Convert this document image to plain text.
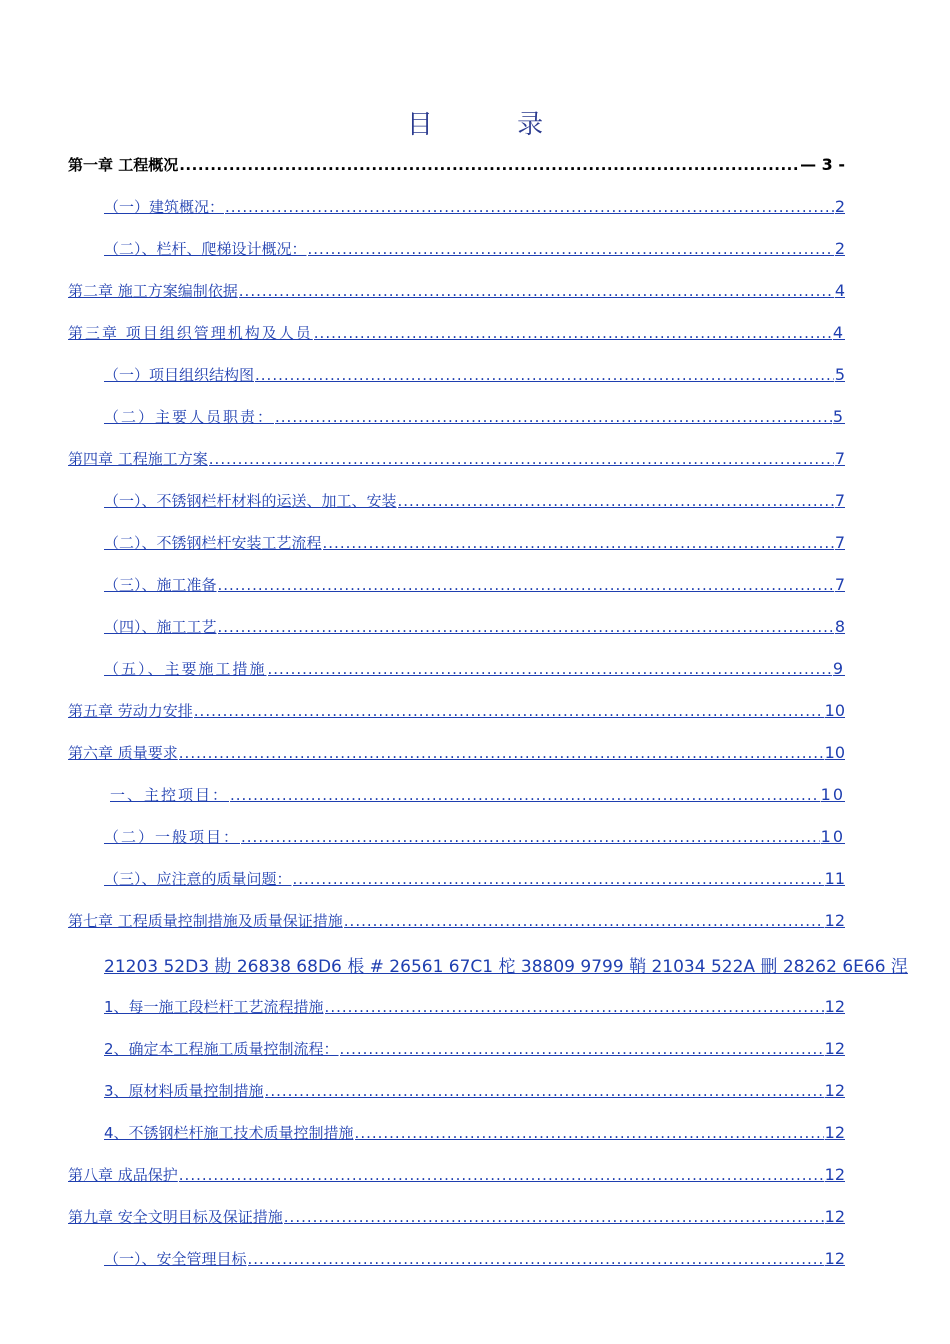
目 录
第一章 工程概况 .....	— 3 -
（一）建筑概况： .....	2
（二）、栏杆、爬梯设计概况： .....	2
第二章 施工方案编制依据 .....	4
第三章 项目组织管理机构及人员 .....	4
（一）项目组织结构图 .....	5
（二）主要人员职责： .....	5
第四章 工程施工方案 .....	7
（一）、不锈钢栏杆材料的运送、加工、安装 .....	7
（二）、不锈钢栏杆安装工艺流程 .....	7
（三）、施工准备 .....	7
（四）、施工工艺 .....	8
（五）、主要施工措施 .....	9
第五章 劳动力安排 .....	10
第六章 质量要求 .....	10
一、主控项目： .....	10
（二）一般项目： .....	10
（三）、应注意的质量问题： .....	11
第七章 工程质量控制措施及质量保证措施 .....	12
21203 52D3 勘 26838 68D6 棖 # 26561 67C1 柁 38809 9799 鞘 21034 522A 刪 28262 6E66 涅
1、每一施工段栏杆工艺流程措施 .....	12
2、确定本工程施工质量控制流程： .....	12
3、原材料质量控制措施 .....	12
4、不锈钢栏杆施工技术质量控制措施 .....	12
第八章 成品保护 .....	12
第九章 安全文明目标及保证措施 .....	12
（一）、安全管理目标 .....	12
